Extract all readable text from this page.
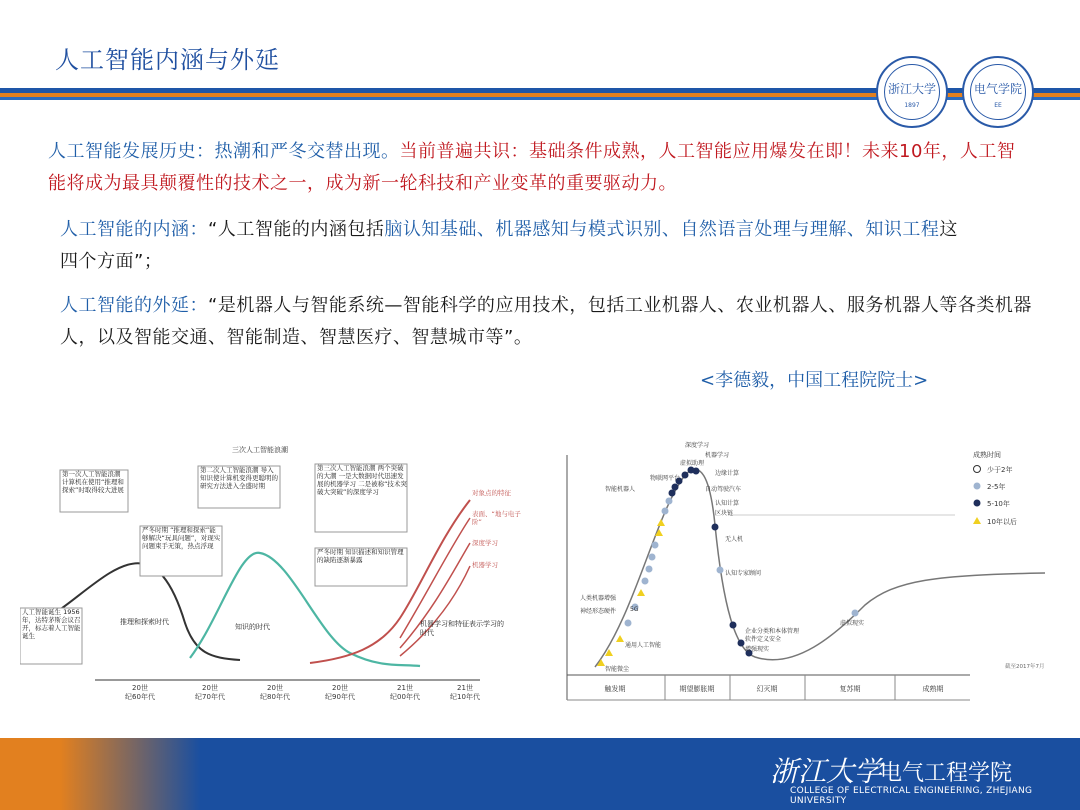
人工智能内涵与外延
浙江大学
1897
电气学院
EE
人工智能发展历史：热潮和严冬交替出现。当前普遍共识：基础条件成熟，人工智能应用爆发在即！未来10年，人工智能将成为最具颠覆性的技术之一，成为新一轮科技和产业变革的重要驱动力。
人工智能的内涵：“人工智能的内涵包括脑认知基础、机器感知与模式识别、自然语言处理与理解、知识工程这四个方面”；
人工智能的外延：“是机器人与智能系统—智能科学的应用技术，包括工业机器人、农业机器人、服务机器人等各类机器人，以及智能交通、智能制造、智慧医疗、智慧城市等”。
<李德毅，中国工程院院士>
三次人工智能浪潮
第一次人工智能浪潮 计算机在使用“推理和探索”时取得较大进展
第二次人工智能浪潮 导入知识使计算机变得更聪明的研究方法进入全盛时期
第三次人工智能浪潮 两个突破的大潮 一是大数据时代迅速发展的机器学习 二是被称“技术突破大突破”的深度学习
严冬时期 “推理和探索”能够解决“玩具问题”，对现实问题束手无策，热点浮现
严冬时期 知识描述和知识管理的缺陷逐渐暴露
人工智能诞生 1956年，达特茅斯会议召开，标志着人工智能诞生
推理和探索时代
知识的时代	机器学习和特征表示学习的时代
对象点的特征
表面、“地与电子阶”
深度学习
机器学习
20世
纪60年代
20世
纪70年代
20世
纪80年代
20世
纪90年代
21世
纪00年代
21世
纪10年代
深度学习
机器学习
边缘计算
虚拟助理
物联网平台
智能机器人	自动驾驶汽车
认知计算
区块链
无人机
认知专家顾问
企业分类和本体管理
软件定义安全
增强现实
虚拟现实
人类机器增强
5G
神经形态硬件
通用人工智能
智能微尘
触发期	期望膨胀期	幻灭期	复苏期	成熟期
成熟时间
少于2年
2-5年
5-10年
10年以后
截至2017年7月
浙江大学
电气工程学院
COLLEGE OF ELECTRICAL ENGINEERING, ZHEJIANG UNIVERSITY
